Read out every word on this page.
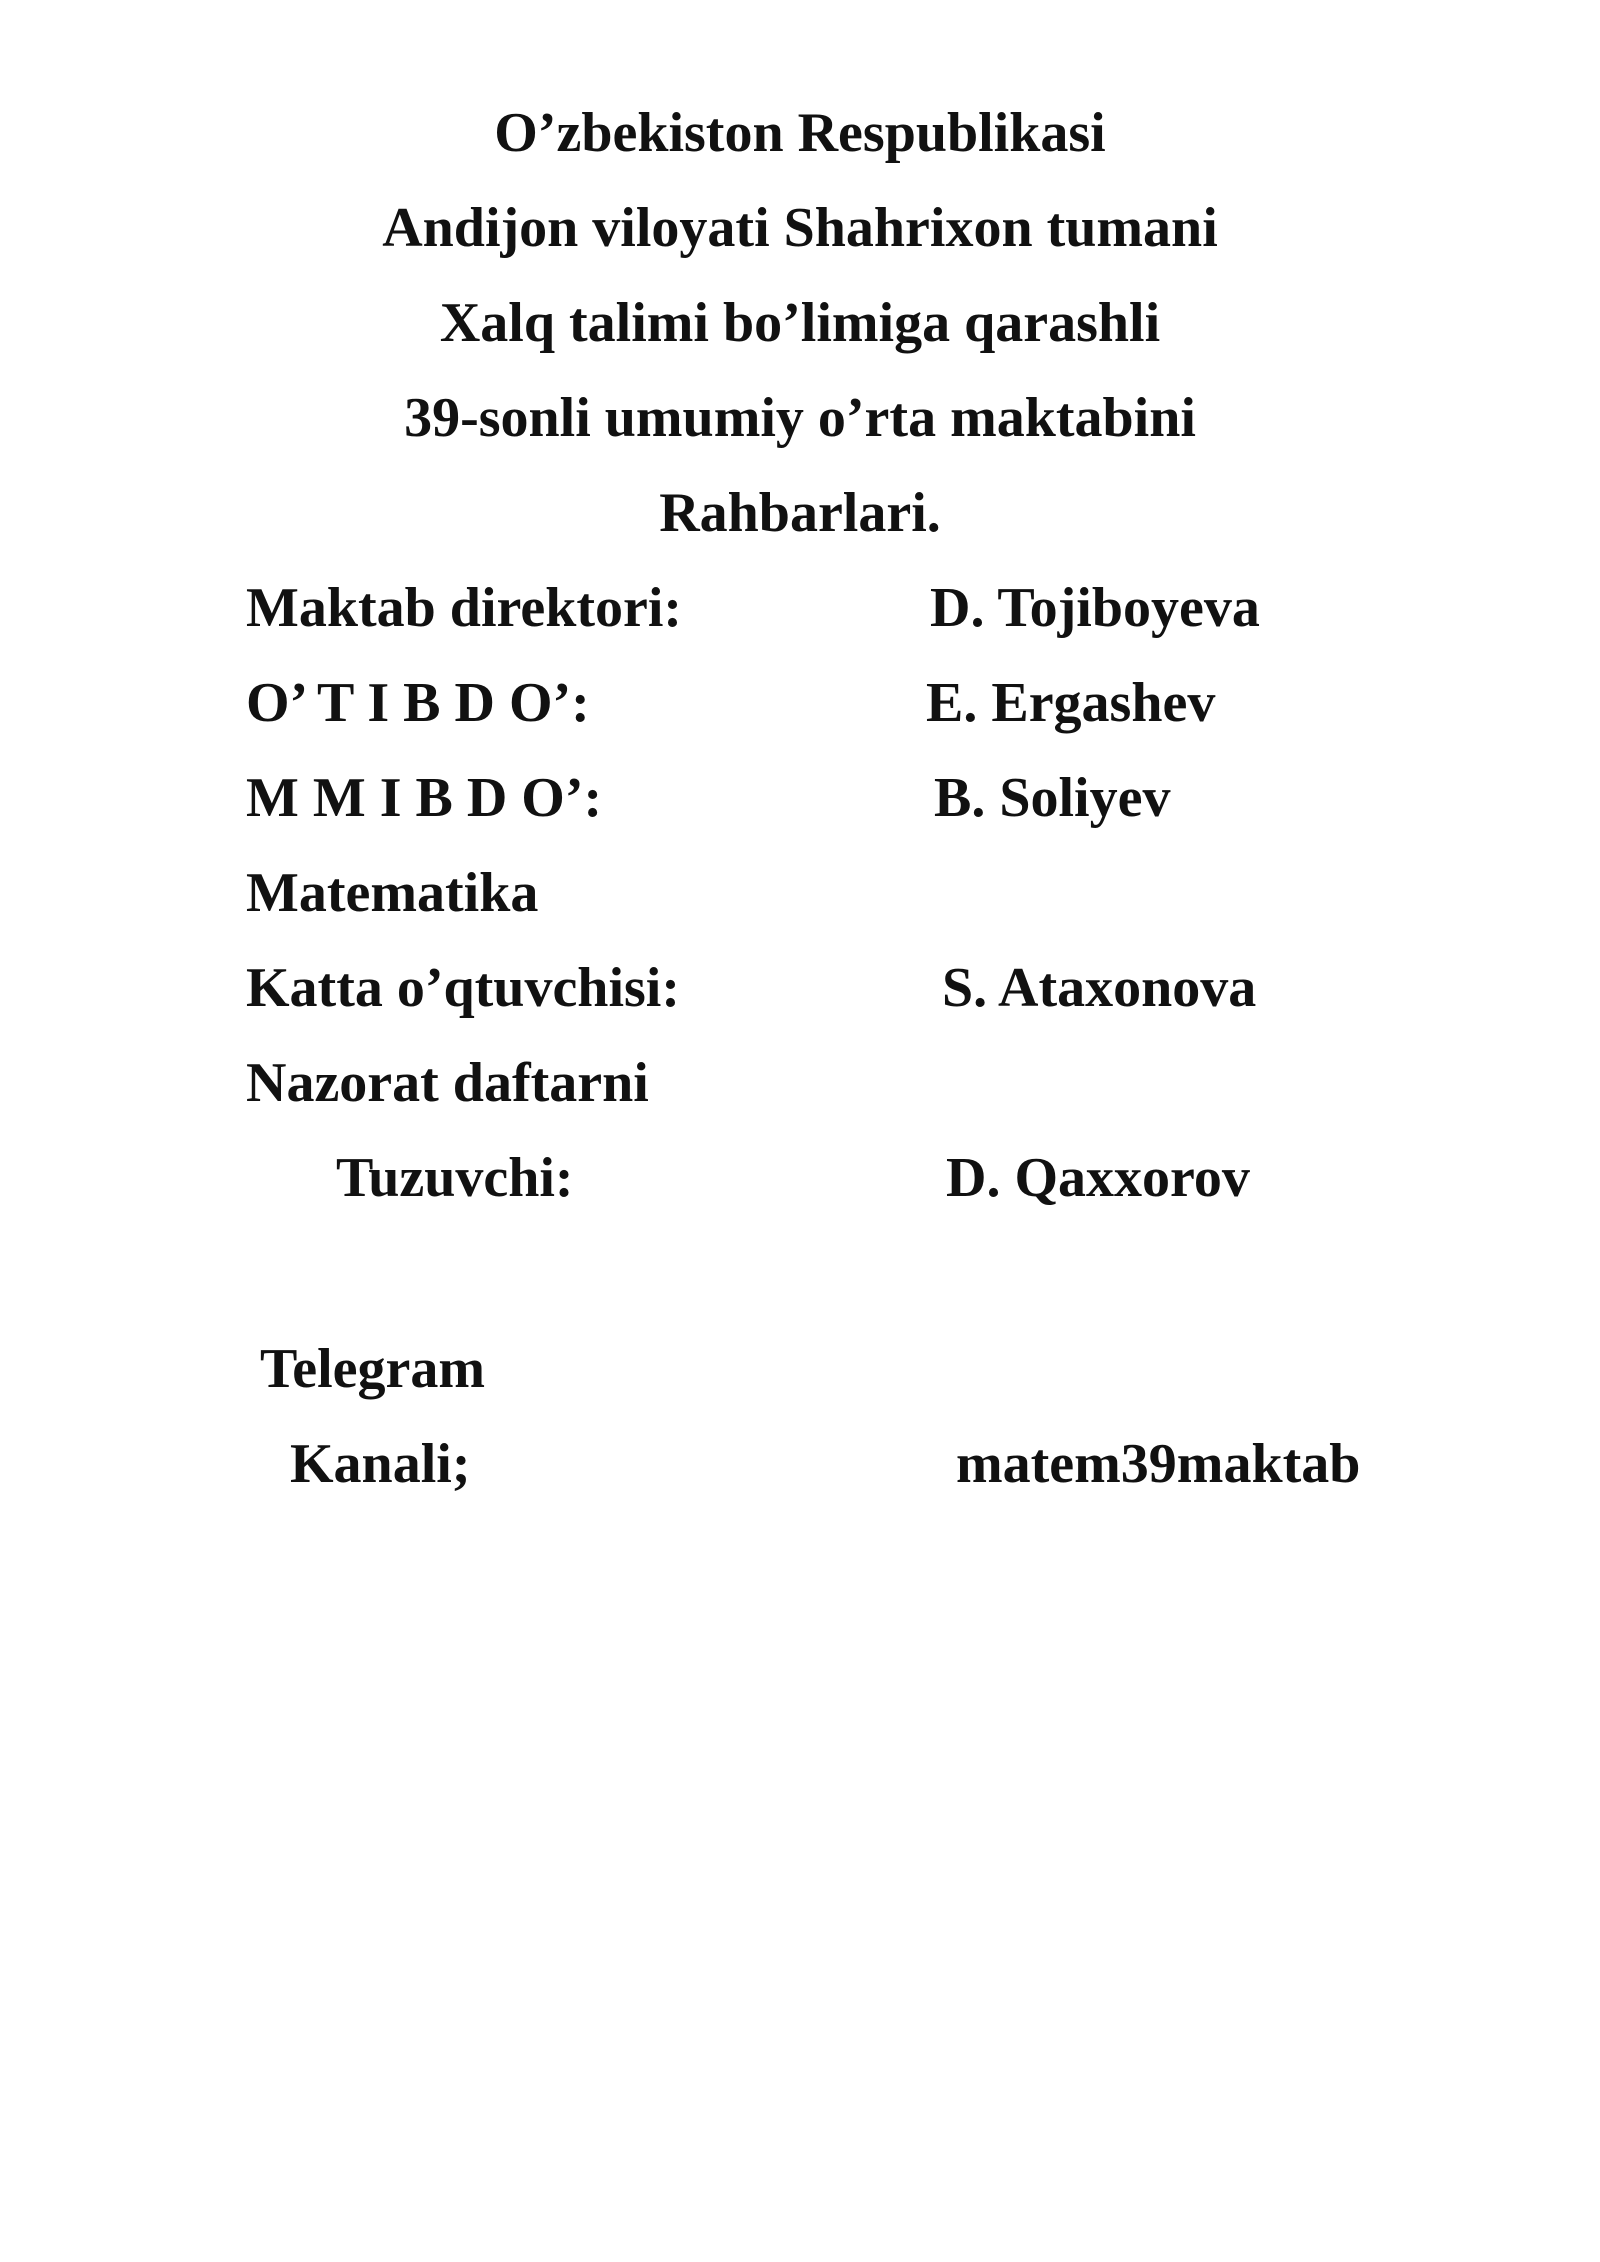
O’zbekiston Respublikasi
Andijon viloyati Shahrixon tumani
Xalq talimi bo’limiga qarashli
39-sonli umumiy o’rta maktabini
Rahbarlari.
Maktab direktori:	D. Tojiboyeva
O’ T I B D O’:	E. Ergashev
M M I B D O’:	B. Soliyev
Matematika
Katta o’qtuvchisi:	S. Ataxonova
Nazorat daftarni
Tuzuvchi:	D. Qaxxorov
Telegram
Kanali;	matem39maktab
